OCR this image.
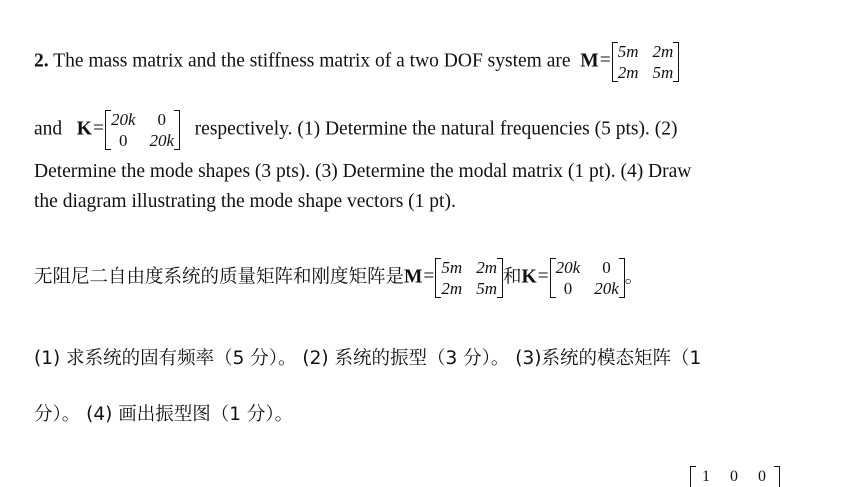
2. The mass matrix and the stiffness matrix of a two DOF system are M= 5m 2m
2m 5m
and K= 20k	0
0	20k
respectively. (1) Determine the natural frequencies (5 pts). (2)
Determine the mode shapes (3 pts). (3) Determine the modal matrix (1 pt). (4) Draw
the diagram illustrating the mode shape vectors (1 pt).
无阻尼二自由度系统的质量矩阵和刚度矩阵是M= 5m 2m
2m 5m
和K= 20k	0
0	20k
。
(1) 求系统的固有频率（5 分）。 (2) 系统的振型（3 分）。 (3)系统的模态矩阵（1
分）。 (4) 画出振型图（1 分）。
1 0 0
